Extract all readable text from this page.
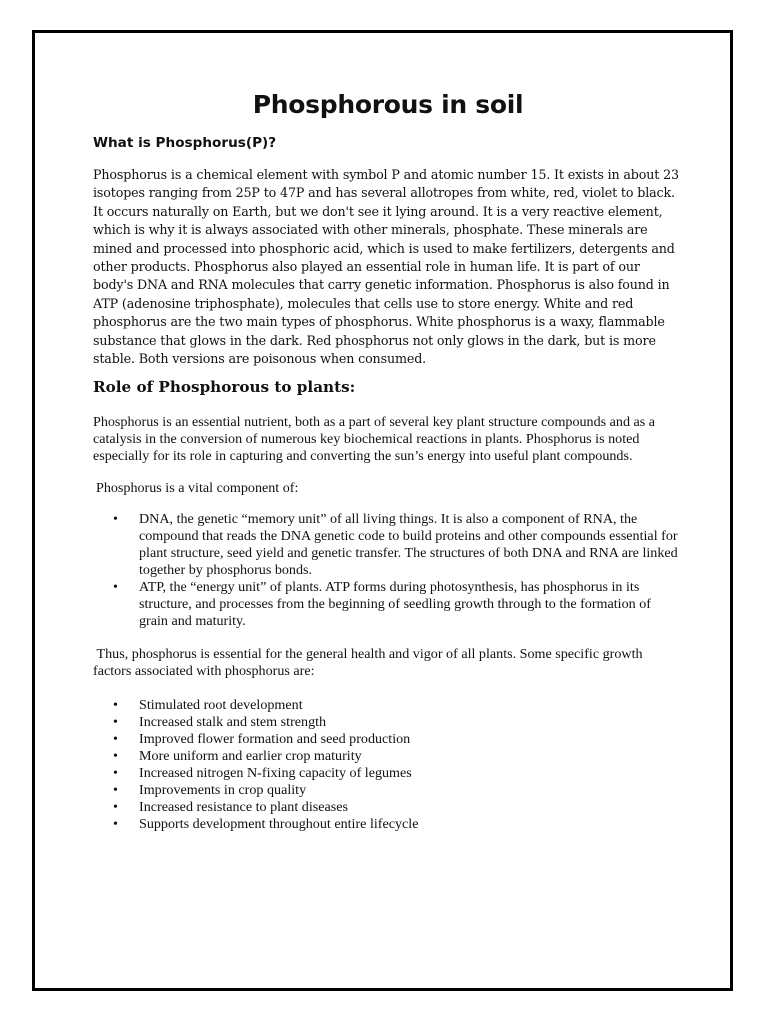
Phosphorous in soil
What is Phosphorus(P)?

Phosphorus is a chemical element with symbol P and atomic number 15. It exists in about 23 isotopes ranging from 25P to 47P and has several allotropes from white, red, violet to black. It occurs naturally on Earth, but we don't see it lying around. It is a very reactive element, which is why it is always associated with other minerals, phosphate. These minerals are mined and processed into phosphoric acid, which is used to make fertilizers, detergents and other products. Phosphorus also played an essential role in human life. It is part of our body's DNA and RNA molecules that carry genetic information. Phosphorus is also found in ATP (adenosine triphosphate), molecules that cells use to store energy. White and red phosphorus are the two main types of phosphorus. White phosphorus is a waxy, flammable substance that glows in the dark. Red phosphorus not only glows in the dark, but is more stable. Both versions are poisonous when consumed.

Role of Phosphorous to plants:

Phosphorus is an essential nutrient, both as a part of several key plant structure compounds and as a catalysis in the conversion of numerous key biochemical reactions in plants. Phosphorus is noted especially for its role in capturing and converting the sun’s energy into useful plant compounds.

Phosphorus is a vital component of:

• DNA, the genetic “memory unit” of all living things. It is also a component of RNA, the compound that reads the DNA genetic code to build proteins and other compounds essential for plant structure, seed yield and genetic transfer. The structures of both DNA and RNA are linked together by phosphorus bonds.
• ATP, the “energy unit” of plants. ATP forms during photosynthesis, has phosphorus in its structure, and processes from the beginning of seedling growth through to the formation of grain and maturity.

Thus, phosphorus is essential for the general health and vigor of all plants. Some specific growth factors associated with phosphorus are:

• Stimulated root development
• Increased stalk and stem strength
• Improved flower formation and seed production
• More uniform and earlier crop maturity
• Increased nitrogen N-fixing capacity of legumes
• Improvements in crop quality
• Increased resistance to plant diseases
• Supports development throughout entire lifecycle
